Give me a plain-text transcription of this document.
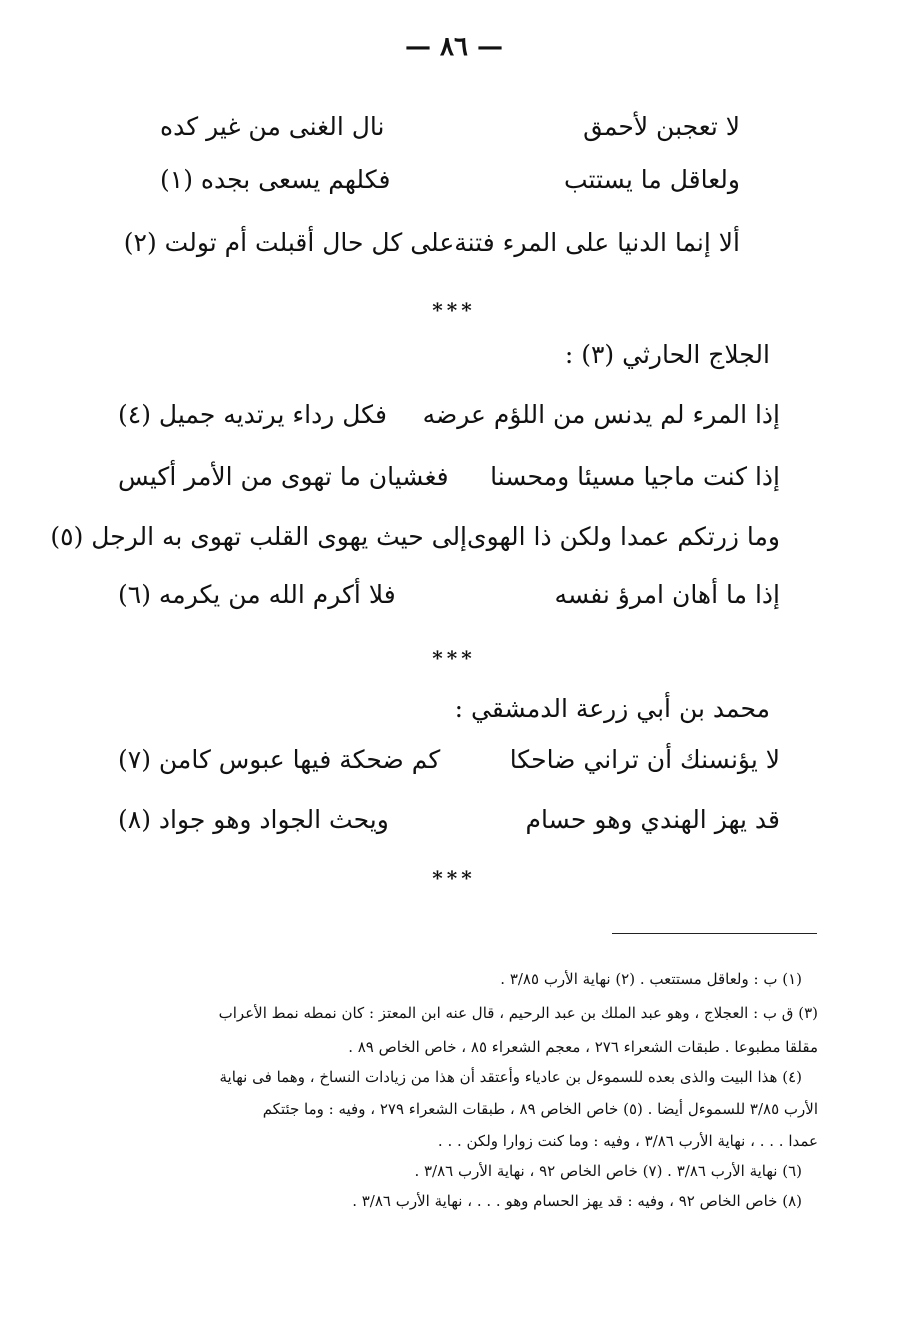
— ٨٦ —
لا تعجبن لأحمق
نال الغنى من غير كده
ولعاقل ما يستتب
فكلهم يسعى بجده (١)
ألا إنما الدنيا على المرء فتنة
على كل حال أقبلت أم تولت (٢)
***
الجلاج الحارثي (٣) :
إذا المرء لم يدنس من اللؤم عرضه
فكل رداء يرتديه جميل (٤)
إذا كنت ماجيا مسيئا ومحسنا
فغشيان ما تهوى من الأمر أكيس
وما زرتكم عمدا ولكن ذا الهوى
إلى حيث يهوى القلب تهوى به الرجل (٥)
إذا ما أهان امرؤ نفسه
فلا أكرم الله من يكرمه (٦)
***
محمد بن أبي زرعة الدمشقي :
لا يؤنسنك أن تراني ضاحكا
كم ضحكة فيها عبوس كامن (٧)
قد يهز الهندي وهو حسام
ويحث الجواد وهو جواد (٨)
***
(١) ب : ولعاقل مستتعب . (٢) نهاية الأرب ٣/٨٥ .
(٣) ق ب : العجلاج ، وهو عبد الملك بن عبد الرحيم ، قال عنه ابن المعتز : كان نمطه نمط الأعراب
مقلقا مطبوعا . طبقات الشعراء ٢٧٦ ، معجم الشعراء ٨٥ ، خاص الخاص ٨٩ .
(٤) هذا البيت والذى بعده للسموءل بن عادياء وأعتقد أن هذا من زيادات النساخ ، وهما فى نهاية
الأرب ٣/٨٥ للسموءل أيضا . (٥) خاص الخاص ٨٩ ، طبقات الشعراء ٢٧٩ ، وفيه : وما جئتكم
عمدا . . . ، نهاية الأرب ٣/٨٦ ، وفيه : وما كنت زوارا ولكن . . .
(٦) نهاية الأرب ٣/٨٦ . (٧) خاص الخاص ٩٢ ، نهاية الأرب ٣/٨٦ .
(٨) خاص الخاص ٩٢ ، وفيه : قد يهز الحسام وهو . . . ، نهاية الأرب ٣/٨٦ .
